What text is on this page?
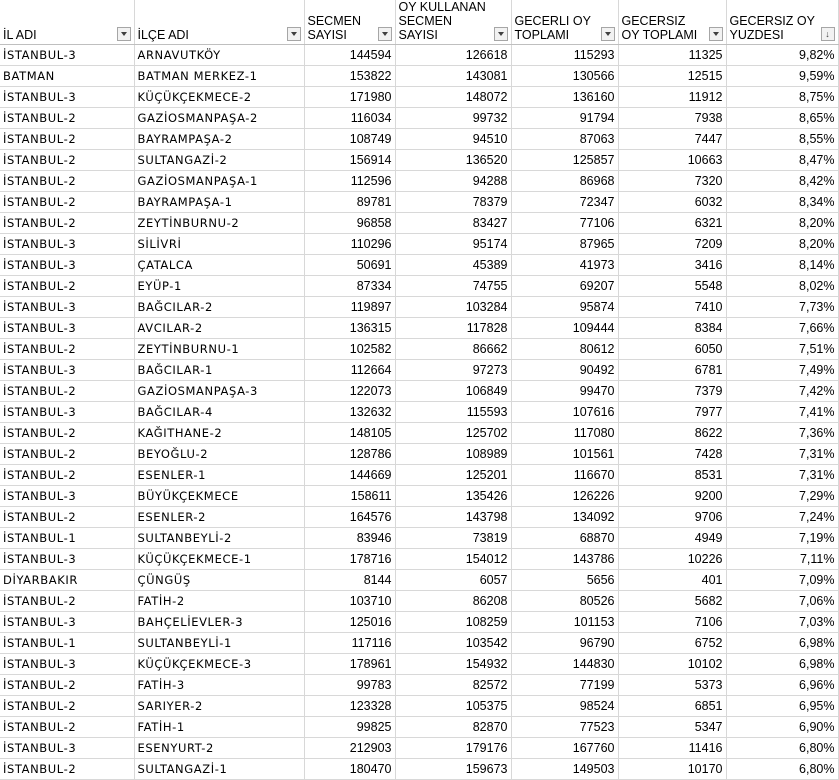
İL ADI	İLÇE ADI	SECMEN SAYISI	OY KULLANAN SECMEN SAYISI	GECERLI OY TOPLAMI	GECERSIZ OY TOPLAMI	GECERSIZ OY YUZDESI ↓

İSTANBUL-3	ARNAVUTKÖY	144594	126618	115293	11325	9,82%
BATMAN	BATMAN MERKEZ-1	153822	143081	130566	12515	9,59%
İSTANBUL-3	KÜÇÜKÇEKMECE-2	171980	148072	136160	11912	8,75%
İSTANBUL-2	GAZİOSMANPAŞA-2	116034	99732	91794	7938	8,65%
İSTANBUL-2	BAYRAMPAŞA-2	108749	94510	87063	7447	8,55%
İSTANBUL-2	SULTANGAZİ-2	156914	136520	125857	10663	8,47%
İSTANBUL-2	GAZİOSMANPAŞA-1	112596	94288	86968	7320	8,42%
İSTANBUL-2	BAYRAMPAŞA-1	89781	78379	72347	6032	8,34%
İSTANBUL-2	ZEYTİNBURNU-2	96858	83427	77106	6321	8,20%
İSTANBUL-3	SİLİVRİ	110296	95174	87965	7209	8,20%
İSTANBUL-3	ÇATALCA	50691	45389	41973	3416	8,14%
İSTANBUL-2	EYÜP-1	87334	74755	69207	5548	8,02%
İSTANBUL-3	BAĞCILAR-2	119897	103284	95874	7410	7,73%
İSTANBUL-3	AVCILAR-2	136315	117828	109444	8384	7,66%
İSTANBUL-2	ZEYTİNBURNU-1	102582	86662	80612	6050	7,51%
İSTANBUL-3	BAĞCILAR-1	112664	97273	90492	6781	7,49%
İSTANBUL-2	GAZİOSMANPAŞA-3	122073	106849	99470	7379	7,42%
İSTANBUL-3	BAĞCILAR-4	132632	115593	107616	7977	7,41%
İSTANBUL-2	KAĞITHANE-2	148105	125702	117080	8622	7,36%
İSTANBUL-2	BEYOĞLU-2	128786	108989	101561	7428	7,31%
İSTANBUL-2	ESENLER-1	144669	125201	116670	8531	7,31%
İSTANBUL-3	BÜYÜKÇEKMECE	158611	135426	126226	9200	7,29%
İSTANBUL-2	ESENLER-2	164576	143798	134092	9706	7,24%
İSTANBUL-1	SULTANBEYLİ-2	83946	73819	68870	4949	7,19%
İSTANBUL-3	KÜÇÜKÇEKMECE-1	178716	154012	143786	10226	7,11%
DİYARBAKIR	ÇÜNGÜŞ	8144	6057	5656	401	7,09%
İSTANBUL-2	FATİH-2	103710	86208	80526	5682	7,06%
İSTANBUL-3	BAHÇELİEVLER-3	125016	108259	101153	7106	7,03%
İSTANBUL-1	SULTANBEYLİ-1	117116	103542	96790	6752	6,98%
İSTANBUL-3	KÜÇÜKÇEKMECE-3	178961	154932	144830	10102	6,98%
İSTANBUL-2	FATİH-3	99783	82572	77199	5373	6,96%
İSTANBUL-2	SARIYER-2	123328	105375	98524	6851	6,95%
İSTANBUL-2	FATİH-1	99825	82870	77523	5347	6,90%
İSTANBUL-3	ESENYURT-2	212903	179176	167760	11416	6,80%
İSTANBUL-2	SULTANGAZİ-1	180470	159673	149503	10170	6,80%
